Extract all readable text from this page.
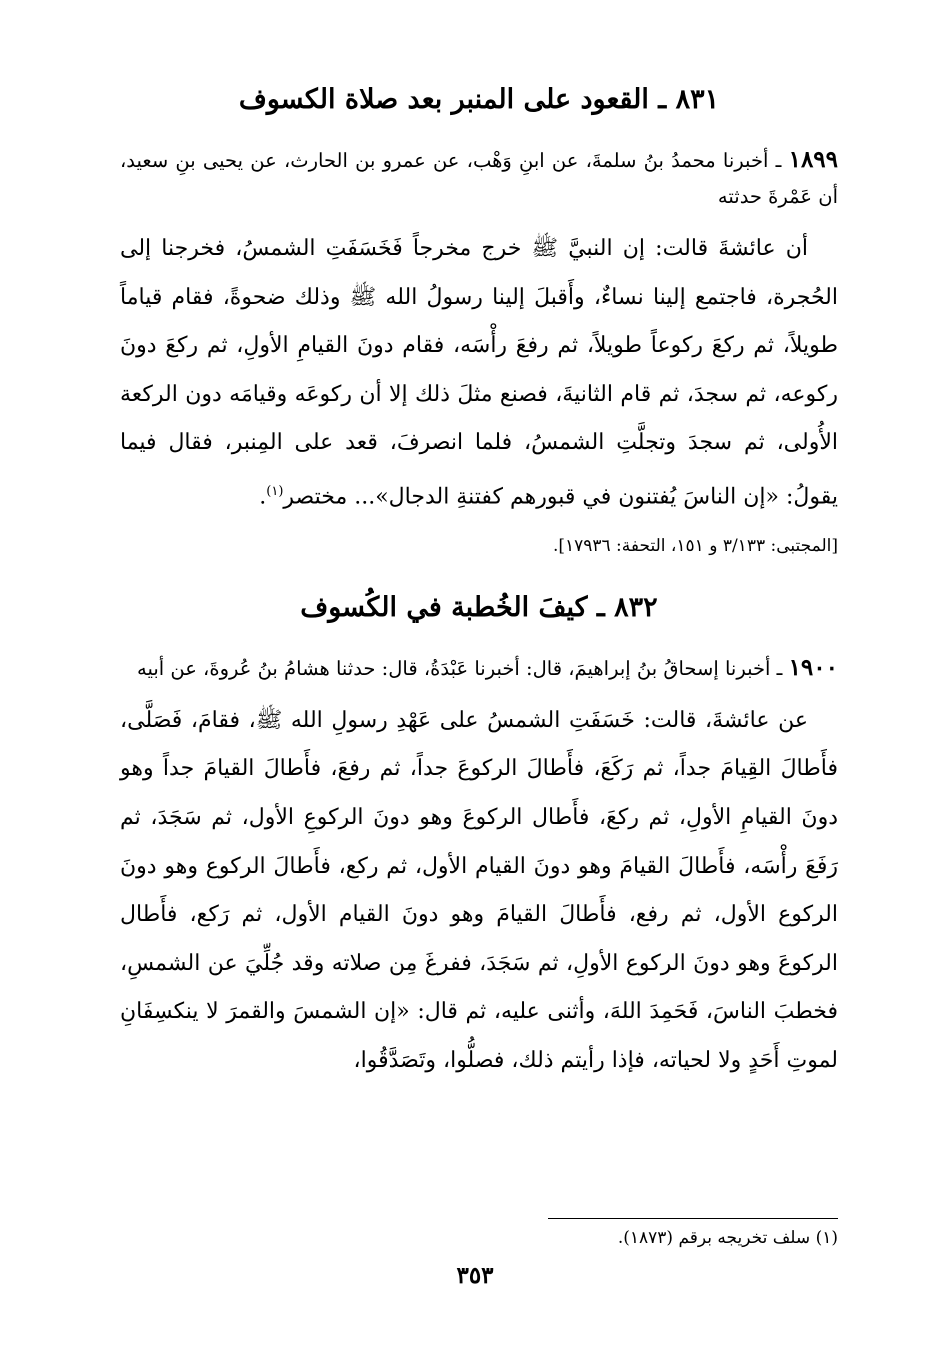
٨٣١ ـ القعود على المنبر بعد صلاة الكسوف

١٨٩٩ ـ أخبرنا محمدُ بنُ سلمةَ، عن ابنِ وَهْب، عن عمرو بن الحارث، عن يحيى بنِ سعيد، أن عَمْرةَ حدثته

أن عائشةَ قالت: إن النبيَّ ﷺ خرج مخرجاً فَخَسَفَتِ الشمسُ، فخرجنا إلى الحُجرة، فاجتمع إلينا نساءٌ، وأَقبلَ إلينا رسولُ الله ﷺ وذلك ضحوةً، فقام قياماً طويلاً، ثم ركعَ ركوعاً طويلاً، ثم رفعَ رأْسَه، فقام دونَ القيامِ الأولِ، ثم ركعَ دونَ ركوعه، ثم سجدَ، ثم قام الثانيةَ، فصنع مثلَ ذلك إلا أن ركوعَه وقيامَه دون الركعة الأُولى، ثم سجدَ وتجلَّتِ الشمسُ، فلما انصرفَ، قعد على المِنبر، فقال فيما يقولُ: «إن الناسَ يُفتنون في قبورهم كفتنةِ الدجال»... مختصر$^{(١)}$.

[المجتبى: ٣/١٣٣ و ١٥١، التحفة: ١٧٩٣٦].
٨٣٢ ـ كيفَ الخُطبة في الكُسوف

١٩٠٠ ـ أخبرنا إسحاقُ بنُ إبراهيمَ، قال: أخبرنا عَبْدَةُ، قال: حدثنا هشامُ بنُ عُروةَ، عن أبيه

عن عائشةَ، قالت: خَسَفَتِ الشمسُ على عَهْدِ رسولِ الله ﷺ، فقامَ، فَصَلَّى، فأَطالَ القِيامَ جداً، ثم رَكَعَ، فأَطالَ الركوعَ جداً، ثم رفعَ، فأَطالَ القيامَ جداً وهو دونَ القيامِ الأولِ، ثم ركعَ، فأَطال الركوعَ وهو دونَ الركوعِ الأول، ثم سَجَدَ، ثم رَفَعَ رأْسَه، فأَطالَ القيامَ وهو دونَ القيام الأول، ثم ركع، فأَطالَ الركوع وهو دونَ الركوع الأول، ثم رفع، فأَطالَ القيامَ وهو دونَ القيام الأول، ثم رَكع، فأَطال الركوعَ وهو دونَ الركوع الأولِ، ثم سَجَدَ، ففرغَ مِن صلاته وقد جُلِّيَ عن الشمسِ، فخطبَ الناسَ، فَحَمِدَ اللهَ، وأثنى عليه، ثم قال: «إن الشمسَ والقمرَ لا ينكسِفَانِ لموتِ أَحَدٍ ولا لحياته، فإذا رأيتم ذلك، فصلُّوا، وتَصَدَّقُوا،

(١) سلف تخريجه برقم (١٨٧٣).
٣٥٣
